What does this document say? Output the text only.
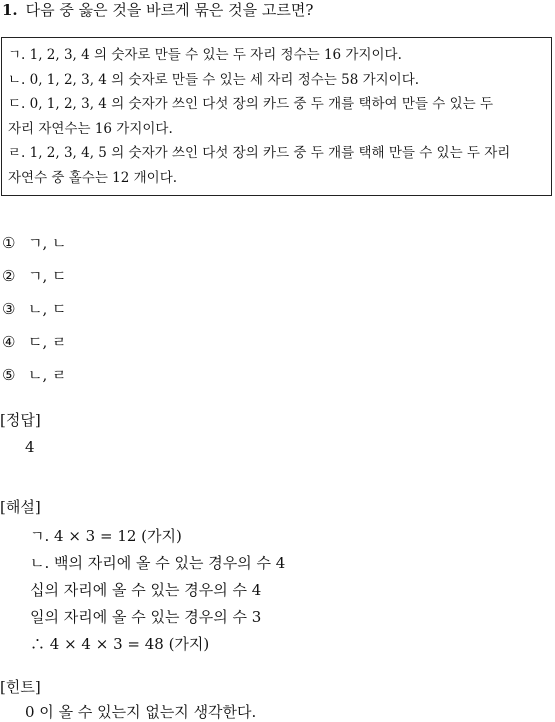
1. 다음 중 옳은 것을 바르게 묶은 것을 고르면?

ㄱ. 1, 2, 3, 4 의 숫자로 만들 수 있는 두 자리 정수는 16 가지이다.

ㄴ. 0, 1, 2, 3, 4 의 숫자로 만들 수 있는 세 자리 정수는 58 가지이다.

ㄷ. 0, 1, 2, 3, 4 의 숫자가 쓰인 다섯 장의 카드 중 두 개를 택하여 만들 수 있는 두

자리 자연수는 16 가지이다.

ㄹ. 1, 2, 3, 4, 5 의 숫자가 쓰인 다섯 장의 카드 중 두 개를 택해 만들 수 있는 두 자리

자연수 중 홀수는 12 개이다.

① ㄱ, ㄴ
② ㄱ, ㄷ
③ ㄴ, ㄷ
④ ㄷ, ㄹ
⑤ ㄴ, ㄹ
[정답]
4
[해설]

ㄱ. 4 × 3 = 12 (가지)

ㄴ. 백의 자리에 올 수 있는 경우의 수 4

십의 자리에 올 수 있는 경우의 수 4

일의 자리에 올 수 있는 경우의 수 3

∴ 4 × 4 × 3 = 48 (가지)

[힌트]
0 이 올 수 있는지 없는지 생각한다.
